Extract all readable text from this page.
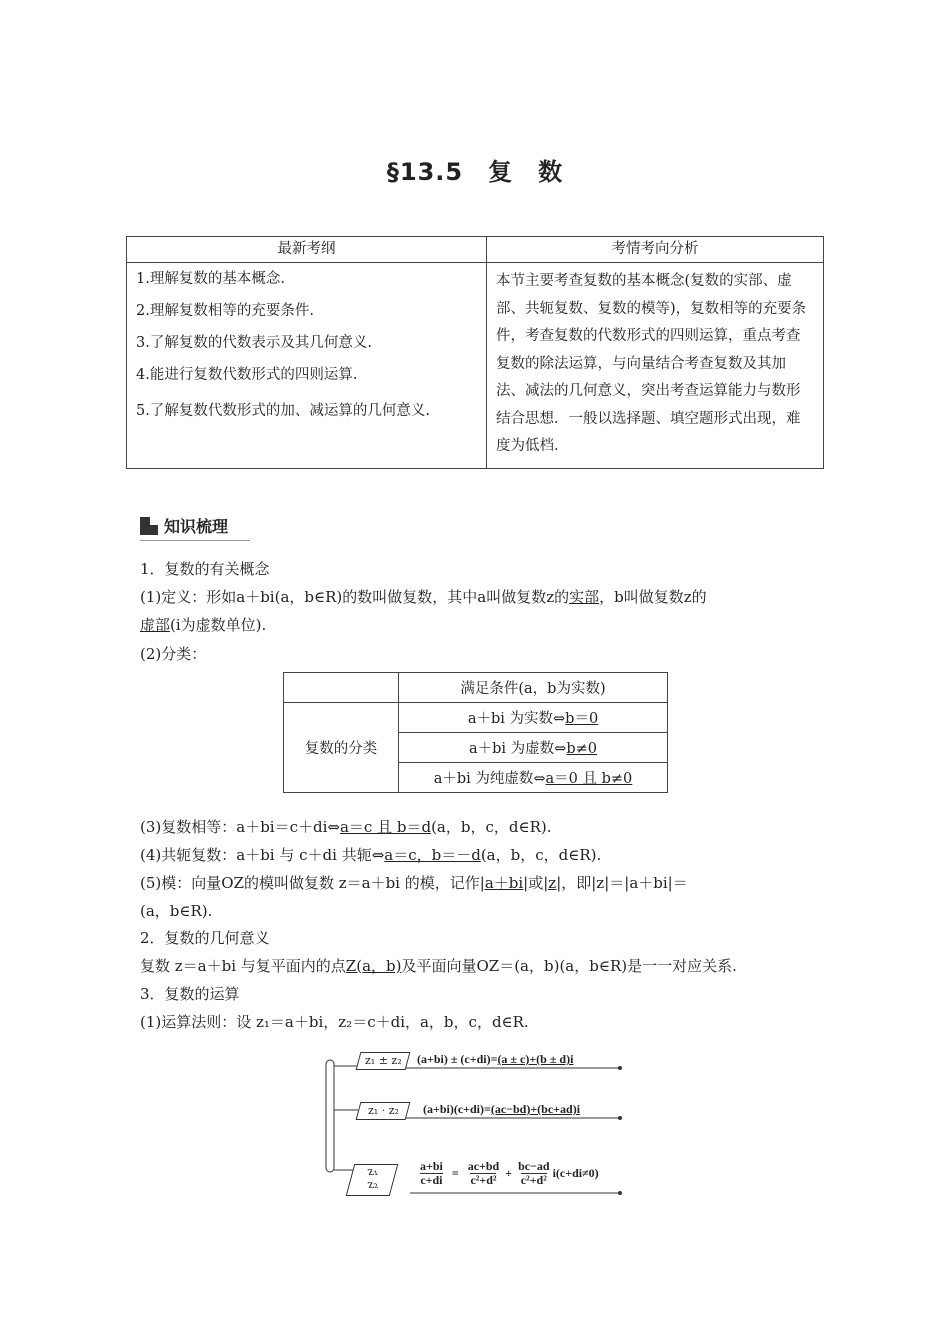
§13.5　复　数
最新考纲	考情考向分析

1.理解复数的基本概念.
2.理解复数相等的充要条件.
3.了解复数的代数表示及其几何意义.
4.能进行复数代数形式的四则运算.
5.了解复数代数形式的加、减运算的几何意义.	本节主要考查复数的基本概念(复数的实部、虚部、共轭复数、复数的模等)，复数相等的充要条件，考查复数的代数形式的四则运算，重点考查复数的除法运算，与向量结合考查复数及其加法、减法的几何意义，突出考查运算能力与数形结合思想．一般以选择题、填空题形式出现，难度为低档.
知识梳理
1．复数的有关概念
(1)定义：形如a＋bi(a，b∈R)的数叫做复数，其中a叫做复数z的实部，b叫做复数z的
虚部(i为虚数单位).
(2)分类：
	满足条件(a，b为实数)
复数的分类	a＋bi 为实数⇔b＝0
	a＋bi 为虚数⇔b≠0
	a＋bi 为纯虚数⇔a＝0 且 b≠0
(3)复数相等：a＋bi＝c＋di⇔a＝c 且 b＝d(a，b，c，d∈R).
(4)共轭复数：a＋bi 与 c＋di 共轭⇔a＝c，b＝－d(a，b，c，d∈R).
(5)模：向量OZ的模叫做复数 z＝a＋bi 的模，记作|a＋bi|或|z|，即|z|＝|a＋bi|＝
(a，b∈R).
2．复数的几何意义
复数 z＝a＋bi 与复平面内的点Z(a，b)及平面向量OZ＝(a，b)(a，b∈R)是一一对应关系.
3．复数的运算
(1)运算法则：设 z₁＝a＋bi，z₂＝c＋di，a，b，c，d∈R.
z₁ ± z₂	(a+bi) ± (c+di)=(a ± c)+(b ± d)i
z₁ · z₂	(a+bi)(c+di)=(ac−bd)+(bc+ad)i
z₁
z₂	$\frac{a+bi}{c+di} = \frac{ac+bd}{\text{c²+d²}} + \frac{bc-ad}{\text{c²+d²}} i(c+di\ne 0)$
